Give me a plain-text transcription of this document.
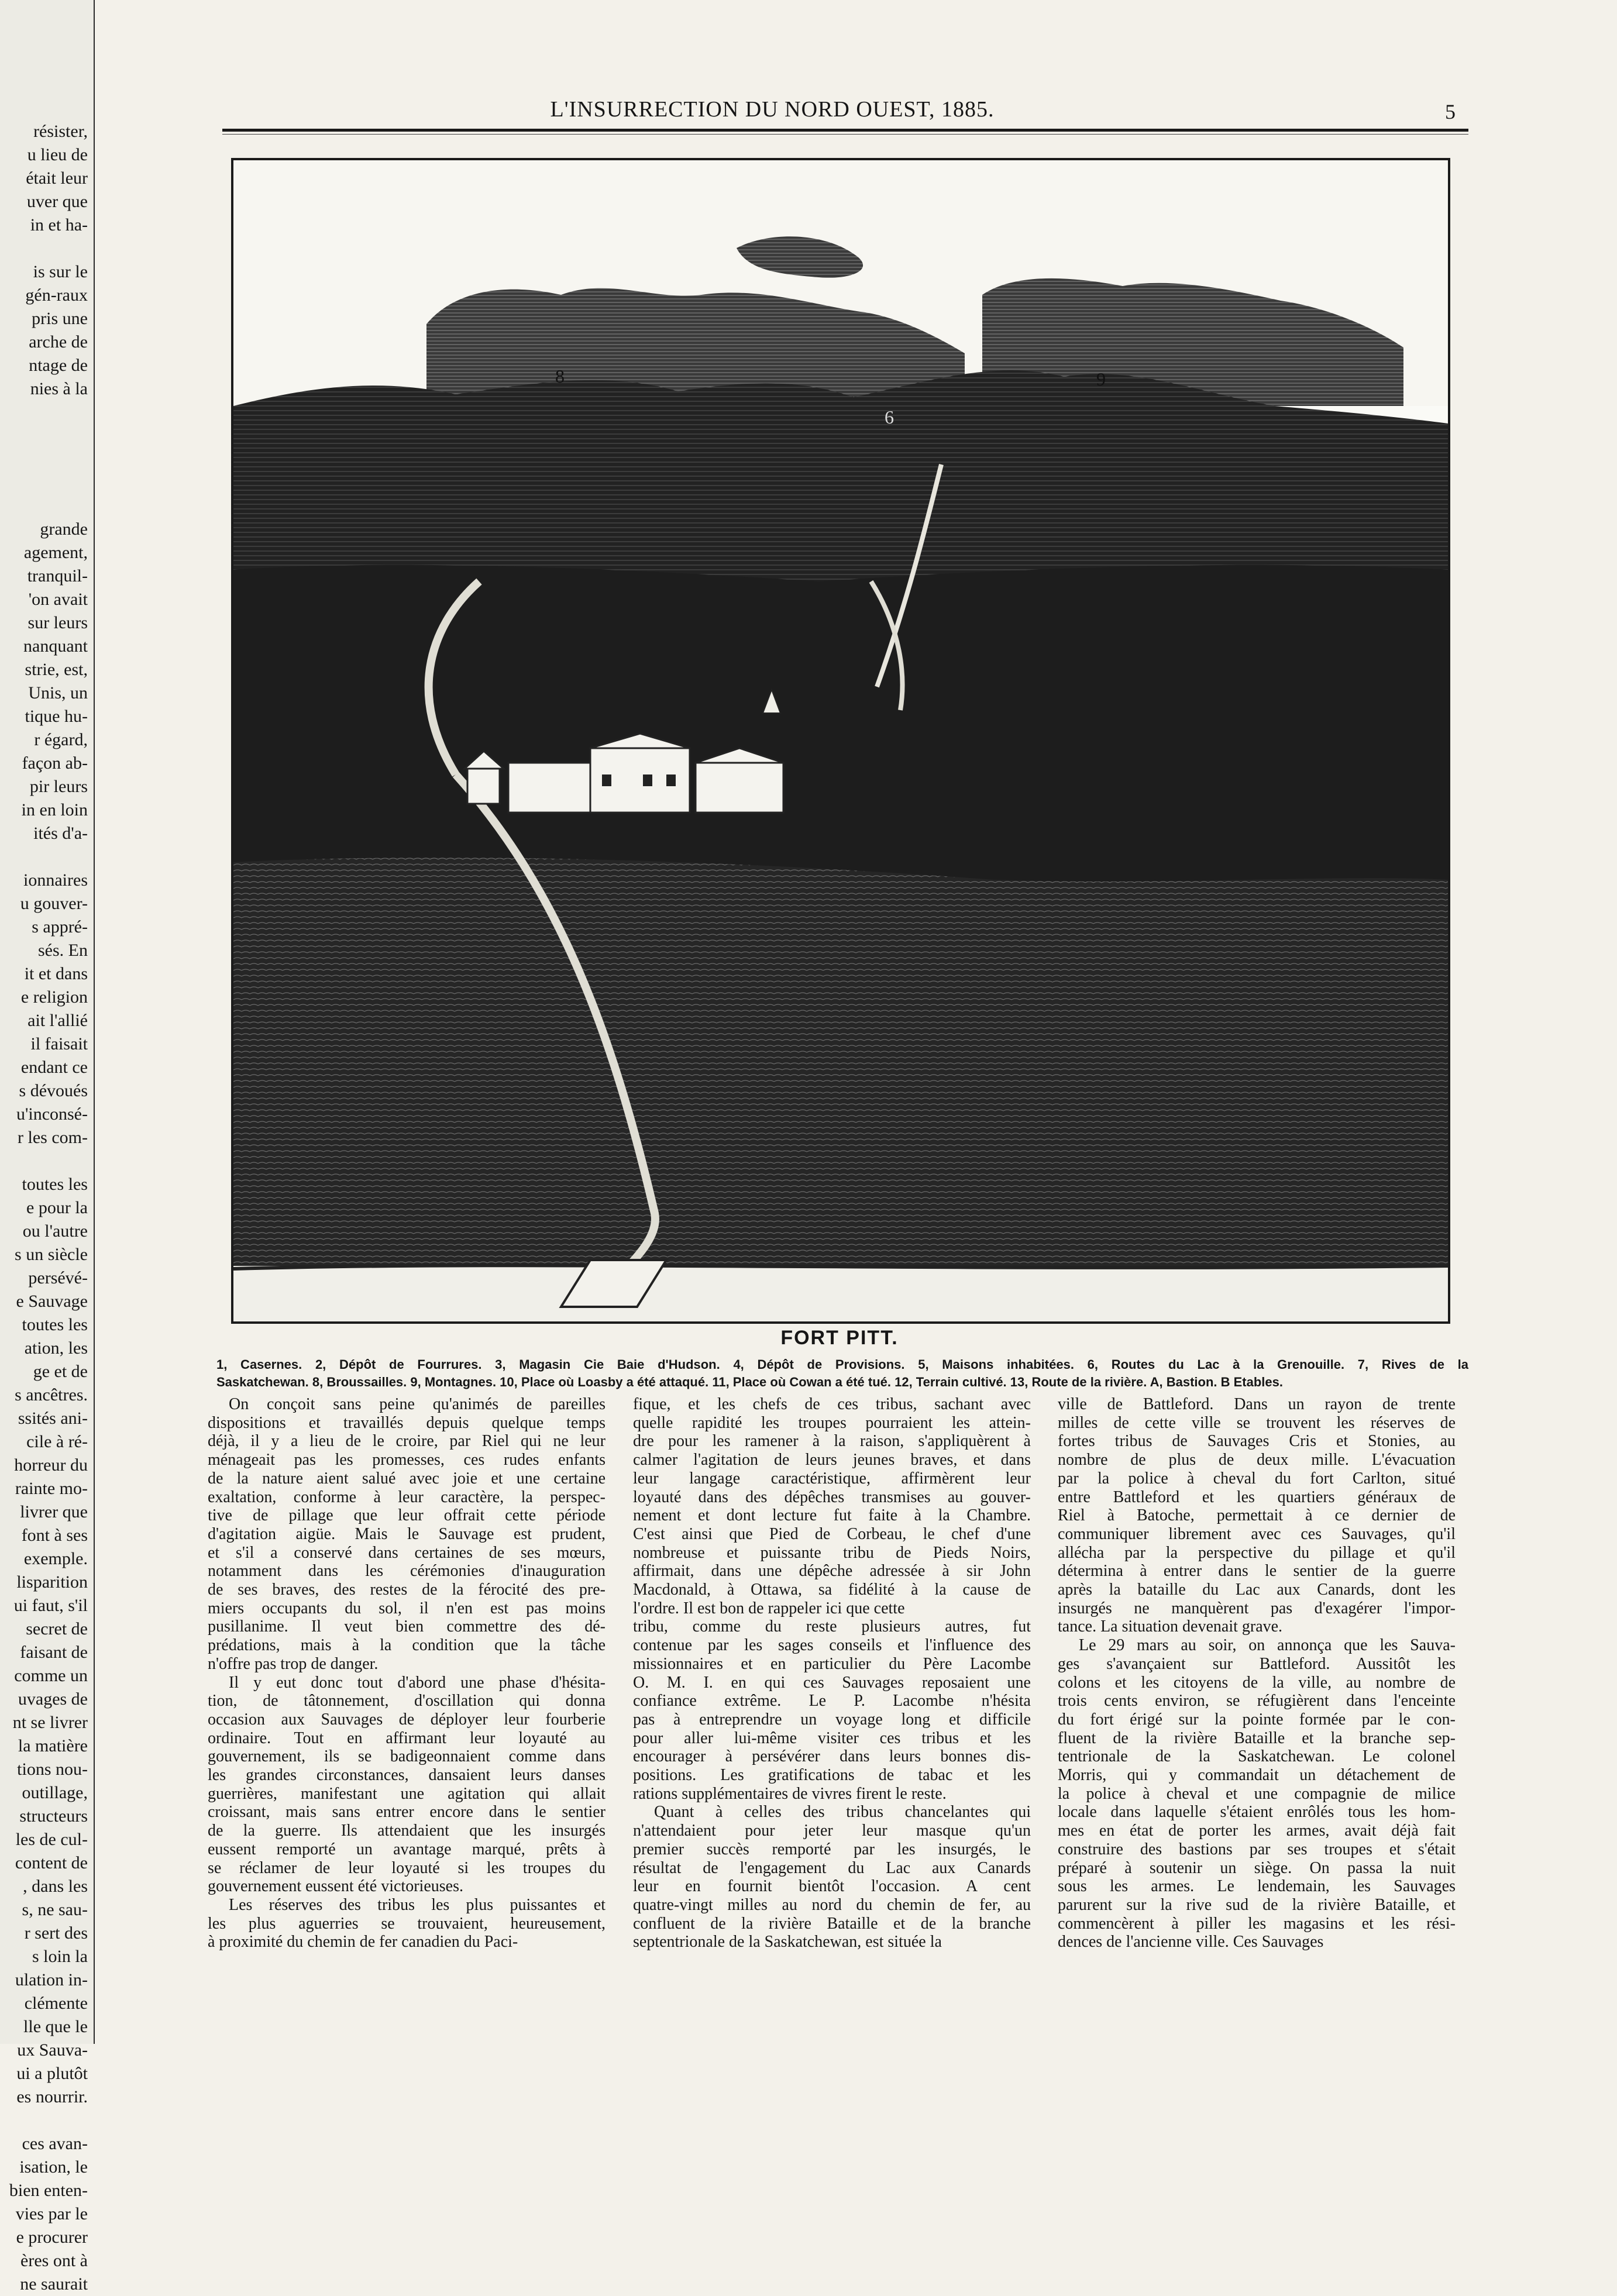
résister,
u lieu de
était leur
uver que
in et ha-
is sur le
gén-raux
pris une
arche de
ntage de
nies à la
grande
agement,
tranquil-
'on avait
sur leurs
nanquant
strie, est,
Unis, un
tique hu-
r égard,
façon ab-
pir leurs
in en loin
ités d'a-
ionnaires
u gouver-
s appré-
sés. En
it et dans
e religion
ait l'allié
il faisait
endant ce
s dévoués
u'inconsé-
r les com-
toutes les
e pour la
ou l'autre
s un siècle
persévé-
e Sauvage
toutes les
ation, les
ge et de
s ancêtres.
ssités ani-
cile à ré-
horreur du
rainte mo-
livrer que
font à ses
exemple.
lisparition
ui faut, s'il
secret de
faisant de
comme un
uvages de
nt se livrer
la matière
tions nou-
outillage,
structeurs
les de cul-
content de
, dans les
s, ne sau-
r sert des
s loin la
ulation in-
clémente
lle que le
ux Sauva-
ui a plutôt
es nourrir.
ces avan-
isation, le
bien enten-
vies par le
e procurer
ères ont à
ne saurait
L'INSURRECTION DU NORD OUEST, 1885.	5
8	9
6
FORT PITT.
1, Casernes. 2, Dépôt de Fourrures. 3, Magasin Cie Baie d'Hudson. 4, Dépôt de Provisions. 5, Maisons inhabitées. 6, Routes du Lac à la Grenouille. 7, Rives de la
Saskatchewan. 8, Broussailles. 9, Montagnes. 10, Place où Loasby a été attaqué. 11, Place où Cowan a été tué. 12, Terrain cultivé. 13, Route de la rivière. A, Bastion. B Etables.
On conçoit sans peine qu'animés de pareilles
dispositions et travaillés depuis quelque temps
déjà, il y a lieu de le croire, par Riel qui ne leur
ménageait pas les promesses, ces rudes enfants
de la nature aient salué avec joie et une certaine
exaltation, conforme à leur caractère, la perspec-
tive de pillage que leur offrait cette période
d'agitation aigüe. Mais le Sauvage est prudent,
et s'il a conservé dans certaines de ses mœurs,
notamment dans les cérémonies d'inauguration
de ses braves, des restes de la férocité des pre-
miers occupants du sol, il n'en est pas moins
pusillanime. Il veut bien commettre des dé-
prédations, mais à la condition que la tâche
n'offre pas trop de danger.
Il y eut donc tout d'abord une phase d'hésita-
tion, de tâtonnement, d'oscillation qui donna
occasion aux Sauvages de déployer leur fourberie
ordinaire. Tout en affirmant leur loyauté au
gouvernement, ils se badigeonnaient comme dans
les grandes circonstances, dansaient leurs danses
guerrières, manifestant une agitation qui allait
croissant, mais sans entrer encore dans le sentier
de la guerre. Ils attendaient que les insurgés
eussent remporté un avantage marqué, prêts à
se réclamer de leur loyauté si les troupes du
gouvernement eussent été victorieuses.
Les réserves des tribus les plus puissantes et
les plus aguerries se trouvaient, heureusement,
à proximité du chemin de fer canadien du Paci-
fique, et les chefs de ces tribus, sachant avec
quelle rapidité les troupes pourraient les attein-
dre pour les ramener à la raison, s'appliquèrent à
calmer l'agitation de leurs jeunes braves, et dans
leur langage caractéristique, affirmèrent leur
loyauté dans des dépêches transmises au gouver-
nement et dont lecture fut faite à la Chambre.
C'est ainsi que Pied de Corbeau, le chef d'une
nombreuse et puissante tribu de Pieds Noirs,
affirmait, dans une dépêche adressée à sir John
Macdonald, à Ottawa, sa fidélité à la cause de
l'ordre. Il est bon de rappeler ici que cette
tribu, comme du reste plusieurs autres, fut
contenue par les sages conseils et l'influence des
missionnaires et en particulier du Père Lacombe
O. M. I. en qui ces Sauvages reposaient une
confiance extrême. Le P. Lacombe n'hésita
pas à entreprendre un voyage long et difficile
pour aller lui-même visiter ces tribus et les
encourager à persévérer dans leurs bonnes dis-
positions. Les gratifications de tabac et les
rations supplémentaires de vivres firent le reste.
Quant à celles des tribus chancelantes qui
n'attendaient pour jeter leur masque qu'un
premier succès remporté par les insurgés, le
résultat de l'engagement du Lac aux Canards
leur en fournit bientôt l'occasion. A cent
quatre-vingt milles au nord du chemin de fer, au
confluent de la rivière Bataille et de la branche
septentrionale de la Saskatchewan, est située la
ville de Battleford. Dans un rayon de trente
milles de cette ville se trouvent les réserves de
fortes tribus de Sauvages Cris et Stonies, au
nombre de plus de deux mille. L'évacuation
par la police à cheval du fort Carlton, situé
entre Battleford et les quartiers généraux de
Riel à Batoche, permettait à ce dernier de
communiquer librement avec ces Sauvages, qu'il
allécha par la perspective du pillage et qu'il
détermina à entrer dans le sentier de la guerre
après la bataille du Lac aux Canards, dont les
insurgés ne manquèrent pas d'exagérer l'impor-
tance. La situation devenait grave.
Le 29 mars au soir, on annonça que les Sauva-
ges s'avançaient sur Battleford. Aussitôt les
colons et les citoyens de la ville, au nombre de
trois cents environ, se réfugièrent dans l'enceinte
du fort érigé sur la pointe formée par le con-
fluent de la rivière Bataille et la branche sep-
tentrionale de la Saskatchewan. Le colonel
Morris, qui y commandait un détachement de
la police à cheval et une compagnie de milice
locale dans laquelle s'étaient enrôlés tous les hom-
mes en état de porter les armes, avait déjà fait
construire des bastions par ses troupes et s'était
préparé à soutenir un siège. On passa la nuit
sous les armes. Le lendemain, les Sauvages
parurent sur la rive sud de la rivière Bataille, et
commencèrent à piller les magasins et les rési-
dences de l'ancienne ville. Ces Sauvages
